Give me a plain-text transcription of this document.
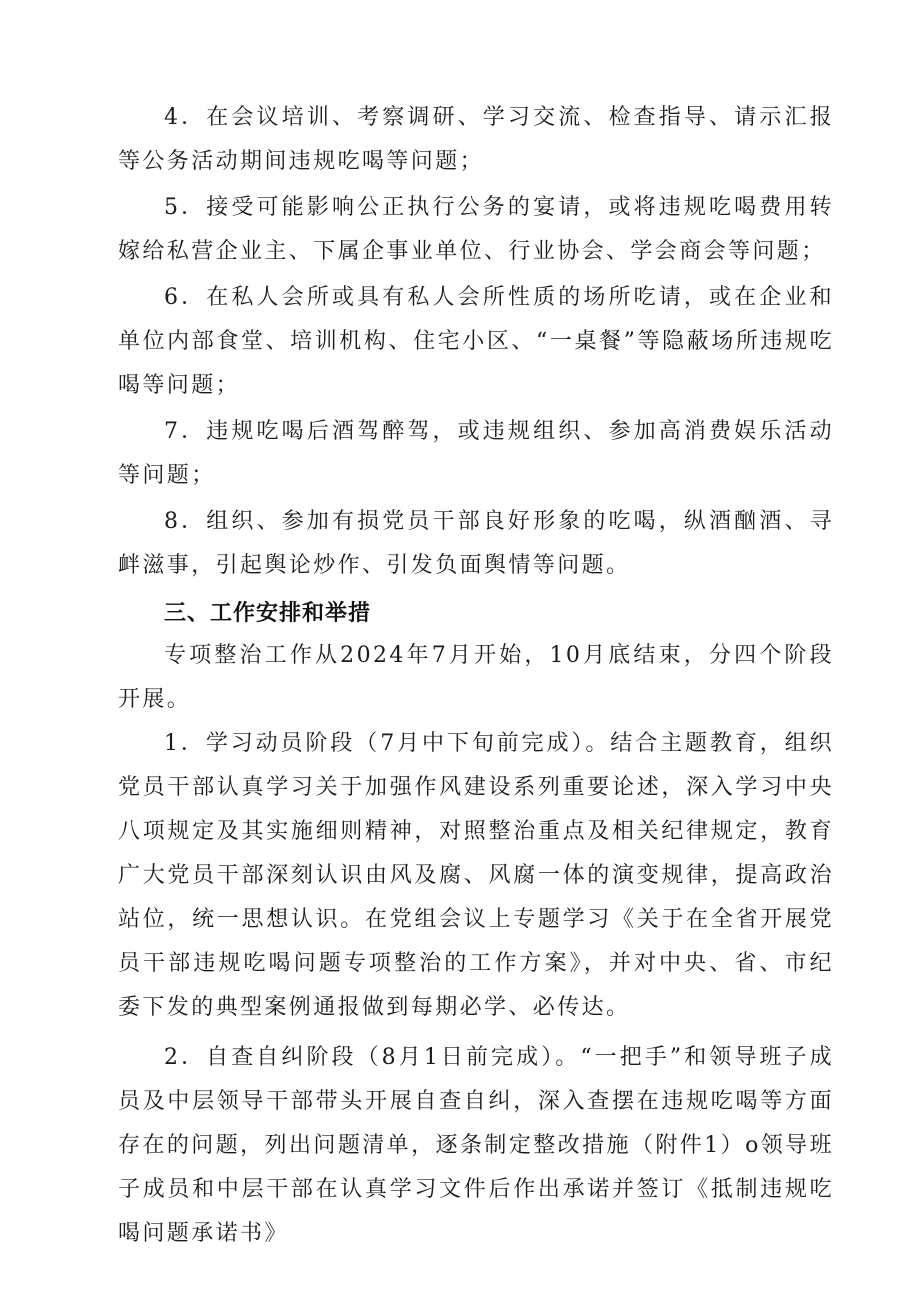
4．在会议培训、考察调研、学习交流、检查指导、请示汇报等公务活动期间违规吃喝等问题；

5．接受可能影响公正执行公务的宴请，或将违规吃喝费用转嫁给私营企业主、下属企事业单位、行业协会、学会商会等问题；

6．在私人会所或具有私人会所性质的场所吃请，或在企业和单位内部食堂、培训机构、住宅小区、“一桌餐”等隐蔽场所违规吃喝等问题；

7．违规吃喝后酒驾醉驾，或违规组织、参加高消费娱乐活动等问题；

8．组织、参加有损党员干部良好形象的吃喝，纵酒酗酒、寻衅滋事，引起舆论炒作、引发负面舆情等问题。

三、工作安排和举措

专项整治工作从2024年7月开始，10月底结束，分四个阶段开展。

1．学习动员阶段（7月中下旬前完成）。结合主题教育，组织党员干部认真学习关于加强作风建设系列重要论述，深入学习中央八项规定及其实施细则精神，对照整治重点及相关纪律规定，教育广大党员干部深刻认识由风及腐、风腐一体的演变规律，提高政治站位，统一思想认识。在党组会议上专题学习《关于在全省开展党员干部违规吃喝问题专项整治的工作方案》，并对中央、省、市纪委下发的典型案例通报做到每期必学、必传达。

2．自查自纠阶段（8月1日前完成）。“一把手”和领导班子成员及中层领导干部带头开展自查自纠，深入查摆在违规吃喝等方面存在的问题，列出问题清单，逐条制定整改措施（附件1）o领导班子成员和中层干部在认真学习文件后作出承诺并签订《抵制违规吃喝问题承诺书》
